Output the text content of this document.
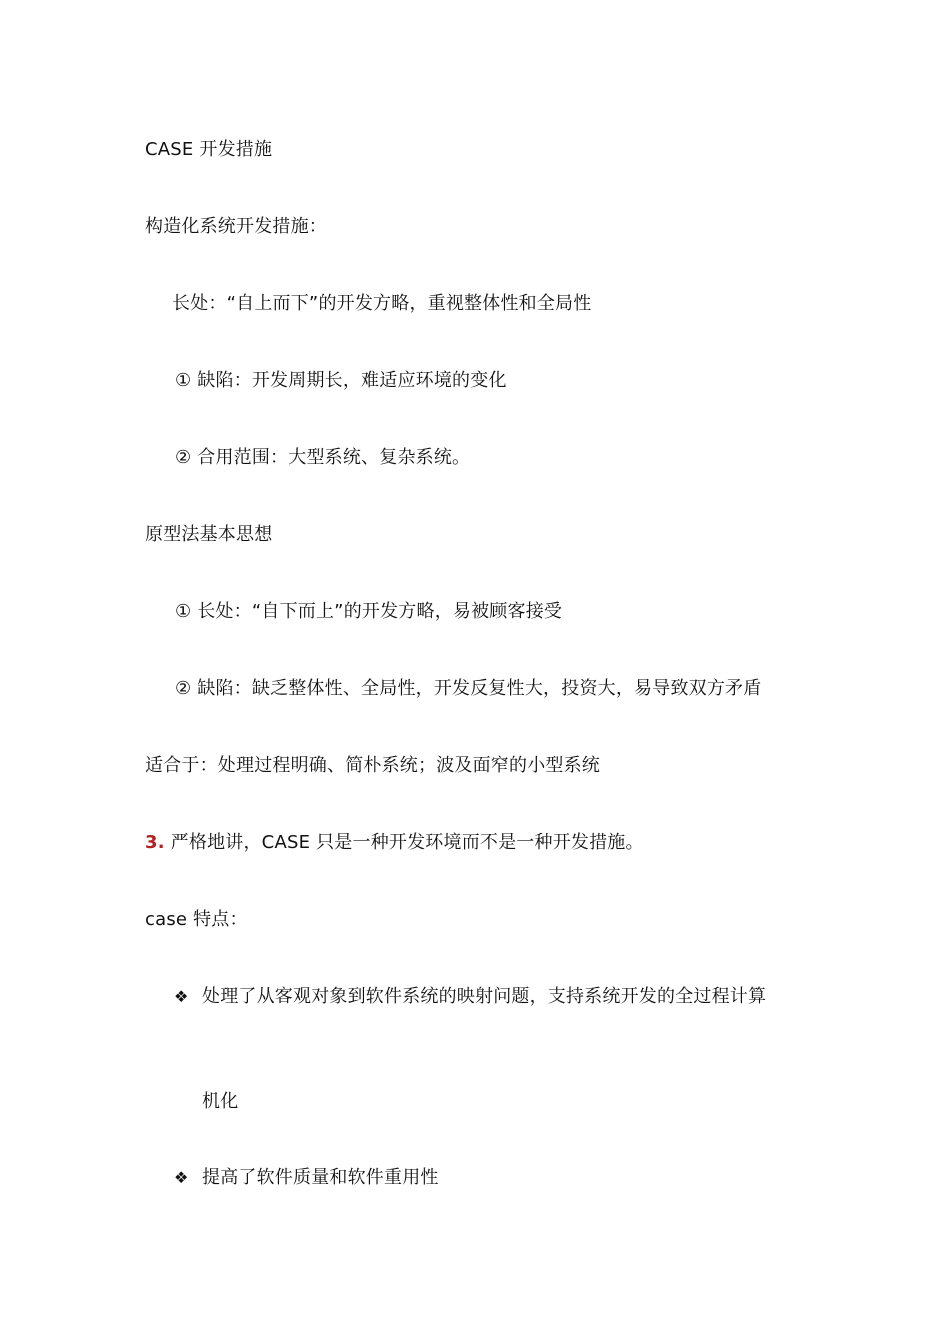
CASE 开发措施
构造化系统开发措施：
长处：“自上而下”的开发方略，重视整体性和全局性
① 缺陷：开发周期长，难适应环境的变化
② 合用范围：大型系统、复杂系统。
原型法基本思想
① 长处：“自下而上”的开发方略，易被顾客接受
② 缺陷：缺乏整体性、全局性，开发反复性大，投资大，易导致双方矛盾
适合于：处理过程明确、简朴系统；波及面窄的小型系统
3. 严格地讲，CASE 只是一种开发环境而不是一种开发措施。
case 特点：
❖ 处理了从客观对象到软件系统的映射问题，支持系统开发的全过程计算
机化
❖ 提高了软件质量和软件重用性
